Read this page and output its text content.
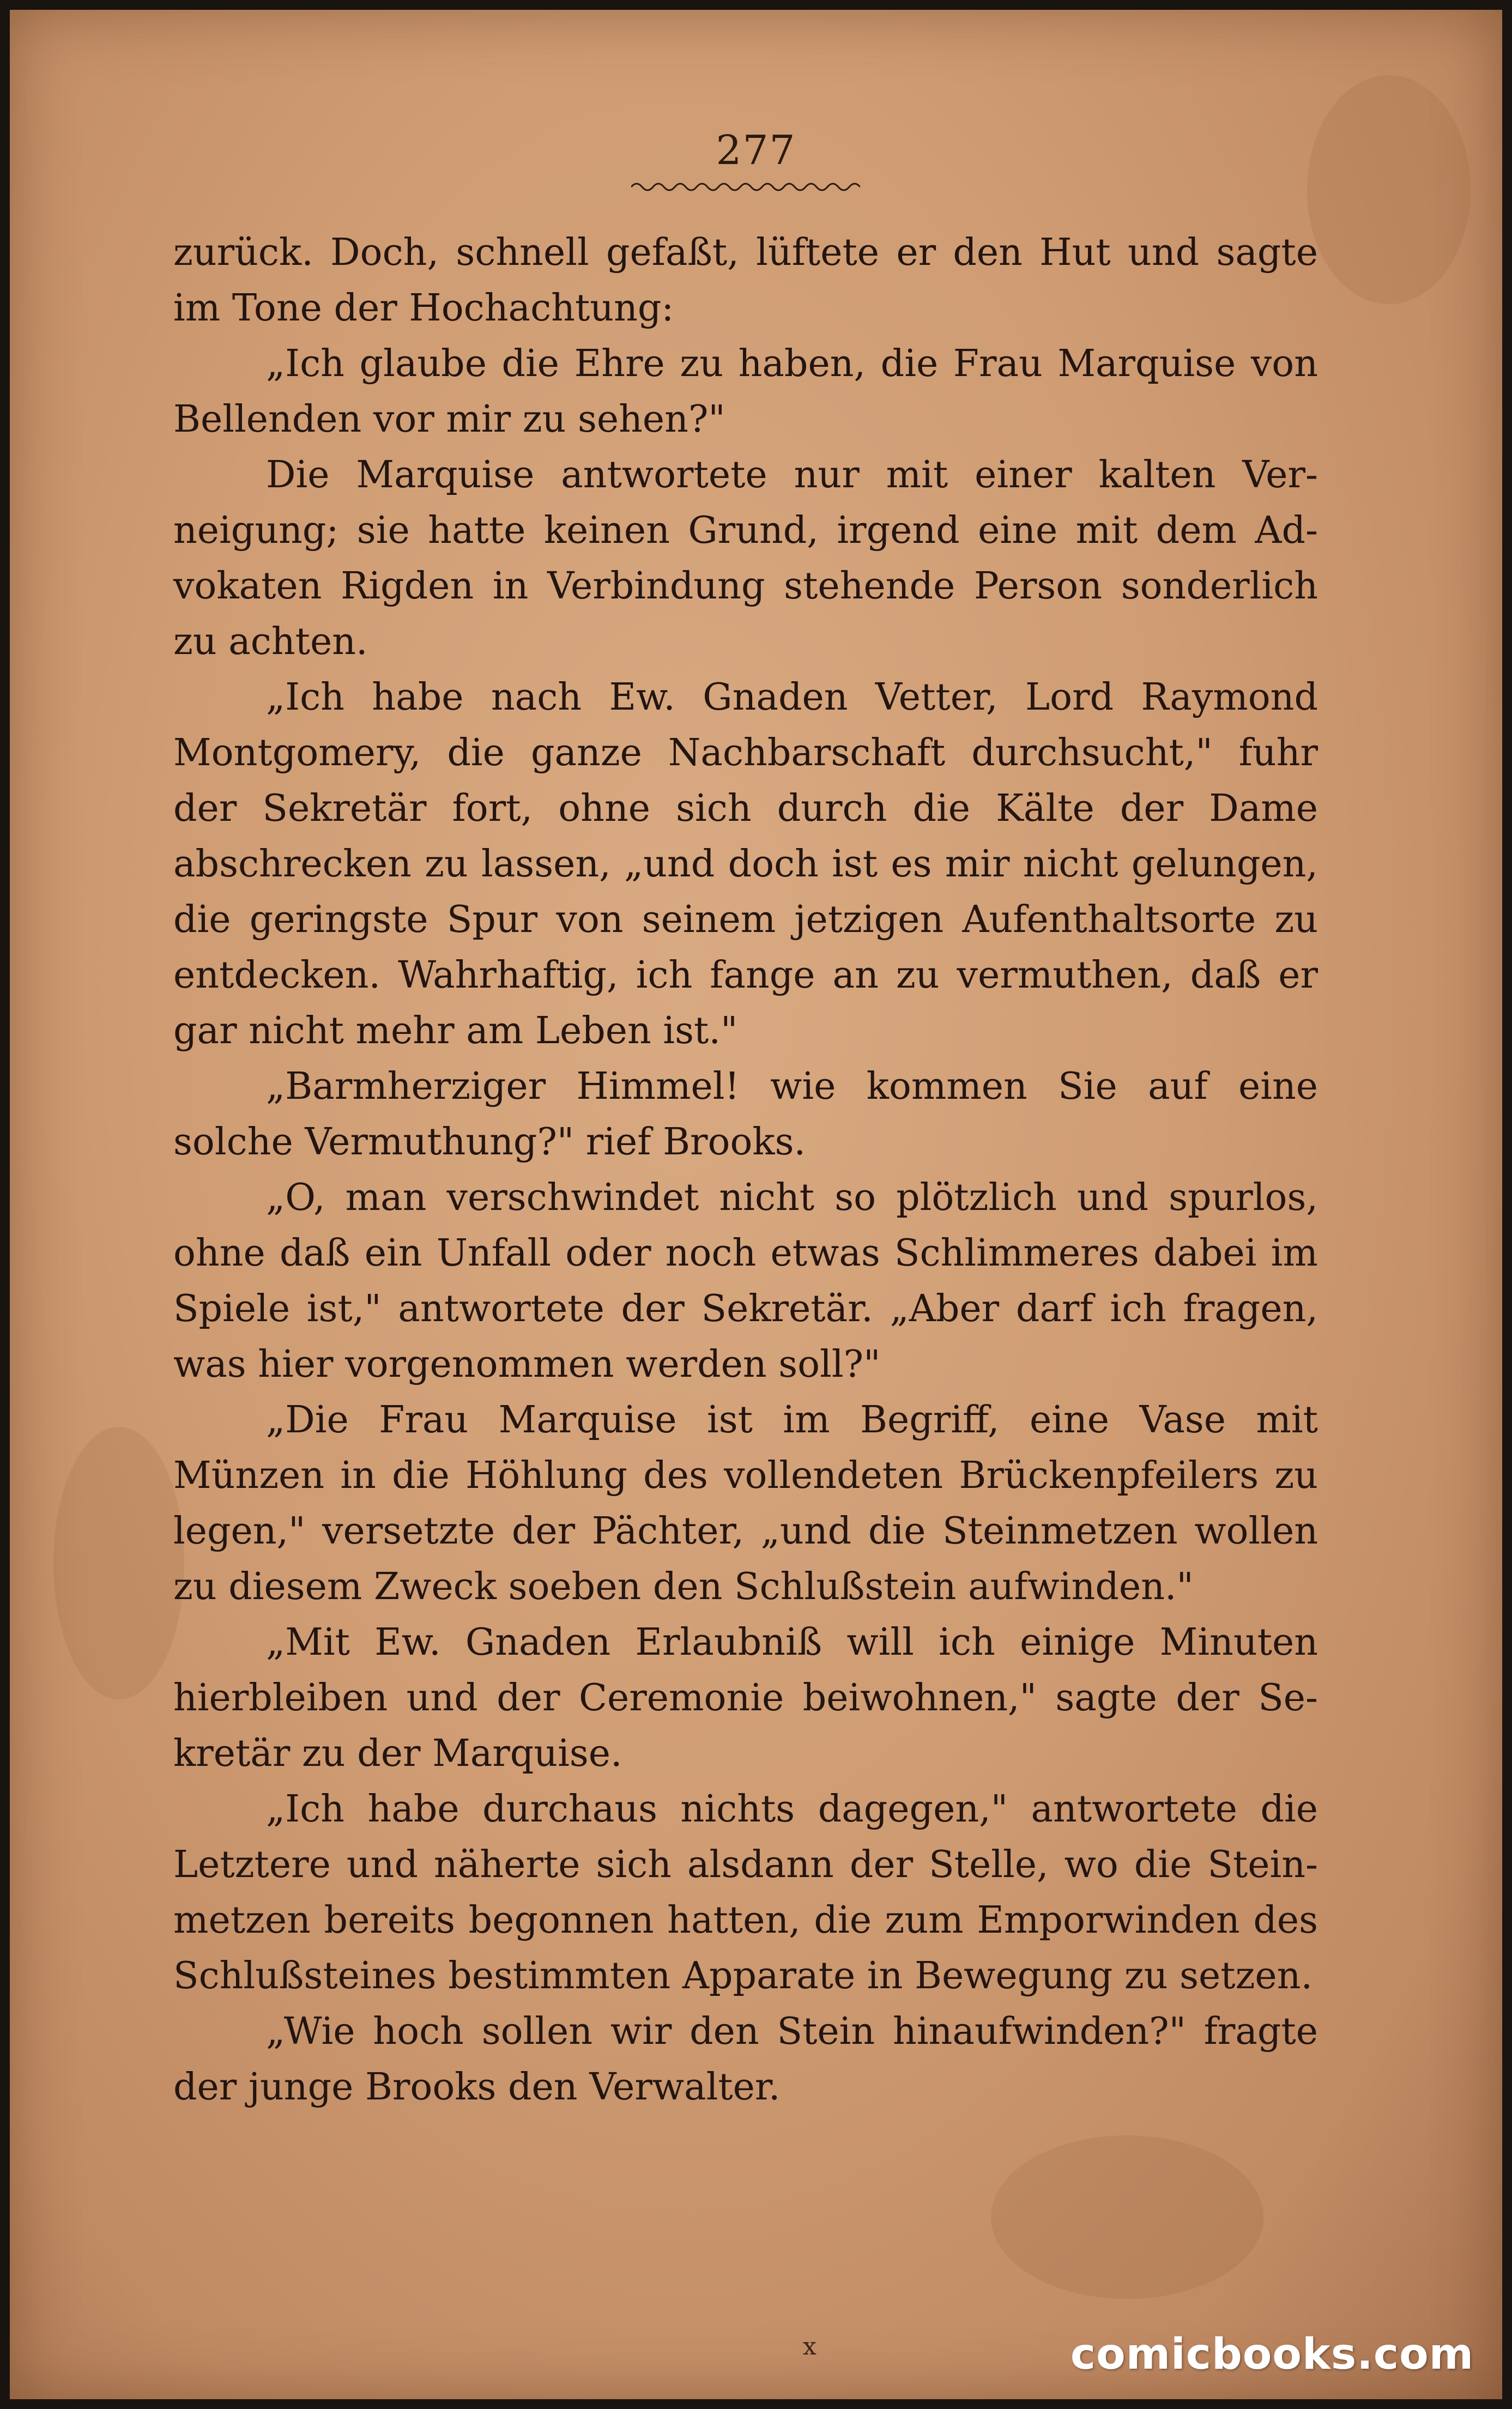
277

zurück. Doch, schnell gefaßt, lüftete er den Hut und sagte im Tone der Hochachtung:

„Ich glaube die Ehre zu haben, die Frau Marquise von Bellenden vor mir zu sehen?"

Die Marquise antwortete nur mit einer kalten Verneigung; sie hatte keinen Grund, irgend eine mit dem Advokaten Rigden in Verbindung stehende Person sonderlich zu achten.

„Ich habe nach Ew. Gnaden Vetter, Lord Raymond Montgomery, die ganze Nachbarschaft durchsucht," fuhr der Sekretär fort, ohne sich durch die Kälte der Dame abschrecken zu lassen, „und doch ist es mir nicht gelungen, die geringste Spur von seinem jetzigen Aufenthaltsorte zu entdecken. Wahrhaftig, ich fange an zu vermuthen, daß er gar nicht mehr am Leben ist."

„Barmherziger Himmel! wie kommen Sie auf eine solche Vermuthung?" rief Brooks.

„O, man verschwindet nicht so plötzlich und spurlos, ohne daß ein Unfall oder noch etwas Schlimmeres dabei im Spiele ist," antwortete der Sekretär. „Aber darf ich fragen, was hier vorgenommen werden soll?"

„Die Frau Marquise ist im Begriff, eine Vase mit Münzen in die Höhlung des vollendeten Brückenpfeilers zu legen," versetzte der Pächter, „und die Steinmetzen wollen zu diesem Zweck soeben den Schlußstein aufwinden."

„Mit Ew. Gnaden Erlaubniß will ich einige Minuten hierbleiben und der Ceremonie beiwohnen," sagte der Sekretär zu der Marquise.

„Ich habe durchaus nichts dagegen," antwortete die Letztere und näherte sich alsdann der Stelle, wo die Steinmetzen bereits begonnen hatten, die zum Emporwinden des Schlußsteines bestimmten Apparate in Bewegung zu setzen.

„Wie hoch sollen wir den Stein hinaufwinden?" fragte der junge Brooks den Verwalter.

x	comicbooks.com
